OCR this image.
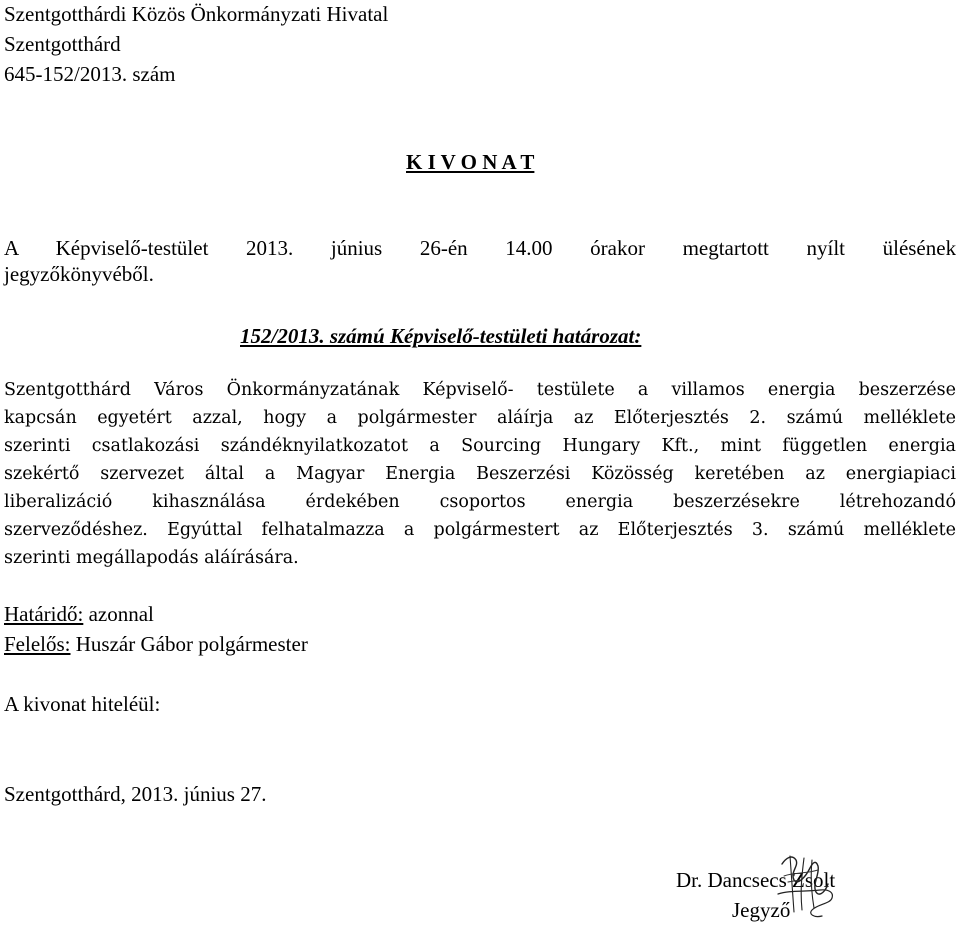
Szentgotthárdi Közös Önkormányzati Hivatal
Szentgotthárd
645-152/2013. szám
K I V O N A T
A Képviselő-testület 2013. június 26-én 14.00 órakor megtartott nyílt ülésének
jegyzőkönyvéből.
152/2013. számú Képviselő-testületi határozat:
Szentgotthárd Város Önkormányzatának Képviselő- testülete a villamos energia beszerzése
kapcsán egyetért azzal, hogy a polgármester aláírja az Előterjesztés 2. számú melléklete
szerinti csatlakozási szándéknyilatkozatot a Sourcing Hungary Kft., mint független energia
szekértő szervezet által a Magyar Energia Beszerzési Közösség keretében az energiapiaci
liberalizáció kihasználása érdekében csoportos energia beszerzésekre létrehozandó
szerveződéshez. Egyúttal felhatalmazza a polgármestert az Előterjesztés 3. számú melléklete
szerinti megállapodás aláírására.
Határidő: azonnal
Felelős: Huszár Gábor polgármester
A kivonat hiteléül:
Szentgotthárd, 2013. június 27.
Dr. Dancsecs Zsolt
Jegyző
